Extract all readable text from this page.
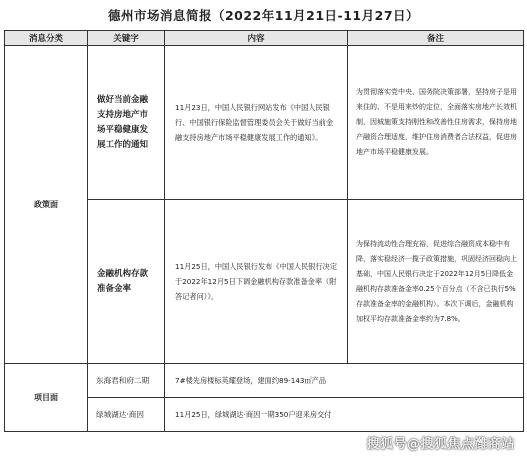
德州市场消息简报（2022年11月21日-11月27日）
消息分类	关键字	内容	备注
政策面	做好当前金融支持房地产市场平稳健康发展工作的通知	11月23日，中国人民银行网站发布《中国人民银行、中国银行保险监督管理委员会关于做好当前金融支持房地产市场平稳健康发展工作的通知》。	为贯彻落实党中央、国务院决策部署，坚持房子是用来住的、不是用来炒的定位，全面落实房地产长效机制，因城施策支持刚性和改善性住房需求，保持房地产融资合理适度，维护住房消费者合法权益，促进房地产市场平稳健康发展。
	金融机构存款准备金率	11月25日，中国人民银行发布《中国人民银行决定于2022年12月5日下调金融机构存款准备金率（附答记者问）》。	为保持流动性合理充裕，促进综合融资成本稳中有降，落实稳经济一揽子政策措施，巩固经济回稳向上基础，中国人民银行决定于2022年12月5日降低金融机构存款准备金率0.25个百分点（不含已执行5%存款准备金率的金融机构）。本次下调后，金融机构加权平均存款准备金率约为7.8%。
项目面	东海君和府二期	7#楼先房楼标英耀登场，建面约89-143㎡产品	
	绿城湖达·商因	11月25日，绿城湖达·商因一期350户迎来房交付	
搜狐号@搜狐焦点潍商站
